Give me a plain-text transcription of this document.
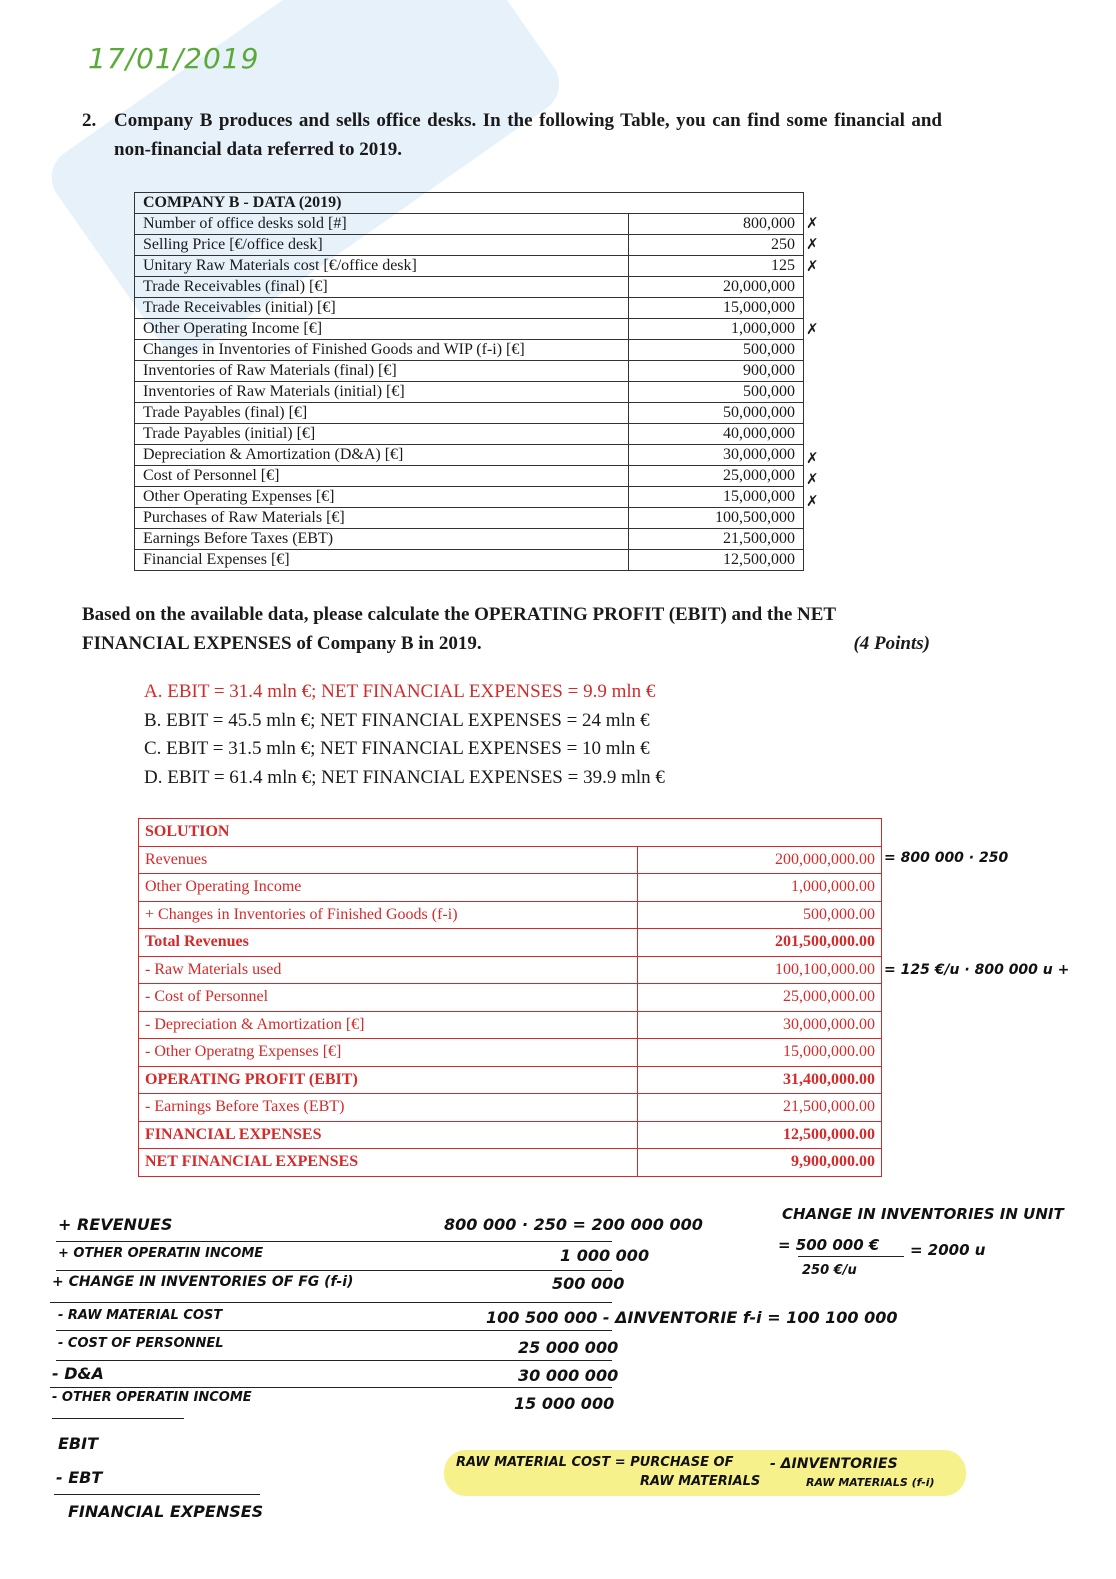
17/01/2019
2. Company B produces and sells office desks. In the following Table, you can find some financial and non-financial data referred to 2019.
COMPANY B - DATA (2019)	
Number of office desks sold [#]	800,000
Selling Price [€/office desk]	250
Unitary Raw Materials cost [€/office desk]	125
Trade Receivables (final) [€]	20,000,000
Trade Receivables (initial) [€]	15,000,000
Other Operating Income [€]	1,000,000
Changes in Inventories of Finished Goods and WIP (f-i) [€]	500,000
Inventories of Raw Materials (final) [€]	900,000
Inventories of Raw Materials (initial) [€]	500,000
Trade Payables (final) [€]	50,000,000
Trade Payables (initial) [€]	40,000,000
Depreciation & Amortization (D&A) [€]	30,000,000
Cost of Personnel [€]	25,000,000
Other Operating Expenses [€]	15,000,000
Purchases of Raw Materials [€]	100,500,000
Earnings Before Taxes (EBT)	21,500,000
Financial Expenses [€]	12,500,000
✗
✗
✗
✗
✗
✗
✗
Based on the available data, please calculate the OPERATING PROFIT (EBIT) and the NET FINANCIAL EXPENSES of Company B in 2019.	(4 Points)
A. EBIT = 31.4 mln €; NET FINANCIAL EXPENSES = 9.9 mln €
B. EBIT = 45.5 mln €; NET FINANCIAL EXPENSES = 24 mln €
C. EBIT = 31.5 mln €; NET FINANCIAL EXPENSES = 10 mln €
D. EBIT = 61.4 mln €; NET FINANCIAL EXPENSES = 39.9 mln €
SOLUTION	
Revenues	200,000,000.00
Other Operating Income	1,000,000.00
+ Changes in Inventories of Finished Goods (f-i)	500,000.00
Total Revenues	201,500,000.00
- Raw Materials used	100,100,000.00
- Cost of Personnel	25,000,000.00
- Depreciation & Amortization [€]	30,000,000.00
- Other Operatng Expenses [€]	15,000,000.00
OPERATING PROFIT (EBIT)	31,400,000.00
- Earnings Before Taxes (EBT)	21,500,000.00
FINANCIAL EXPENSES	12,500,000.00
NET FINANCIAL EXPENSES	9,900,000.00
= 800 000 · 250
= 125 €/u · 800 000 u +
+ REVENUES	800 000 · 250 = 200 000 000
+ OTHER OPERATIN INCOME	1 000 000
+ CHANGE IN INVENTORIES OF FG (f-i)	500 000
- RAW MATERIAL COST	100 500 000 - ΔINVENTORIE f-i = 100 100 000
- COST OF PERSONNEL	25 000 000
- D&A	30 000 000
- OTHER OPERATIN INCOME	15 000 000
EBIT
- EBT
FINANCIAL EXPENSES
CHANGE IN INVENTORIES IN UNIT
= 500 000 €
250 €/u
= 2000 u
RAW MATERIAL COST = PURCHASE OF
RAW MATERIALS
- ΔINVENTORIES
RAW MATERIALS (f-i)
